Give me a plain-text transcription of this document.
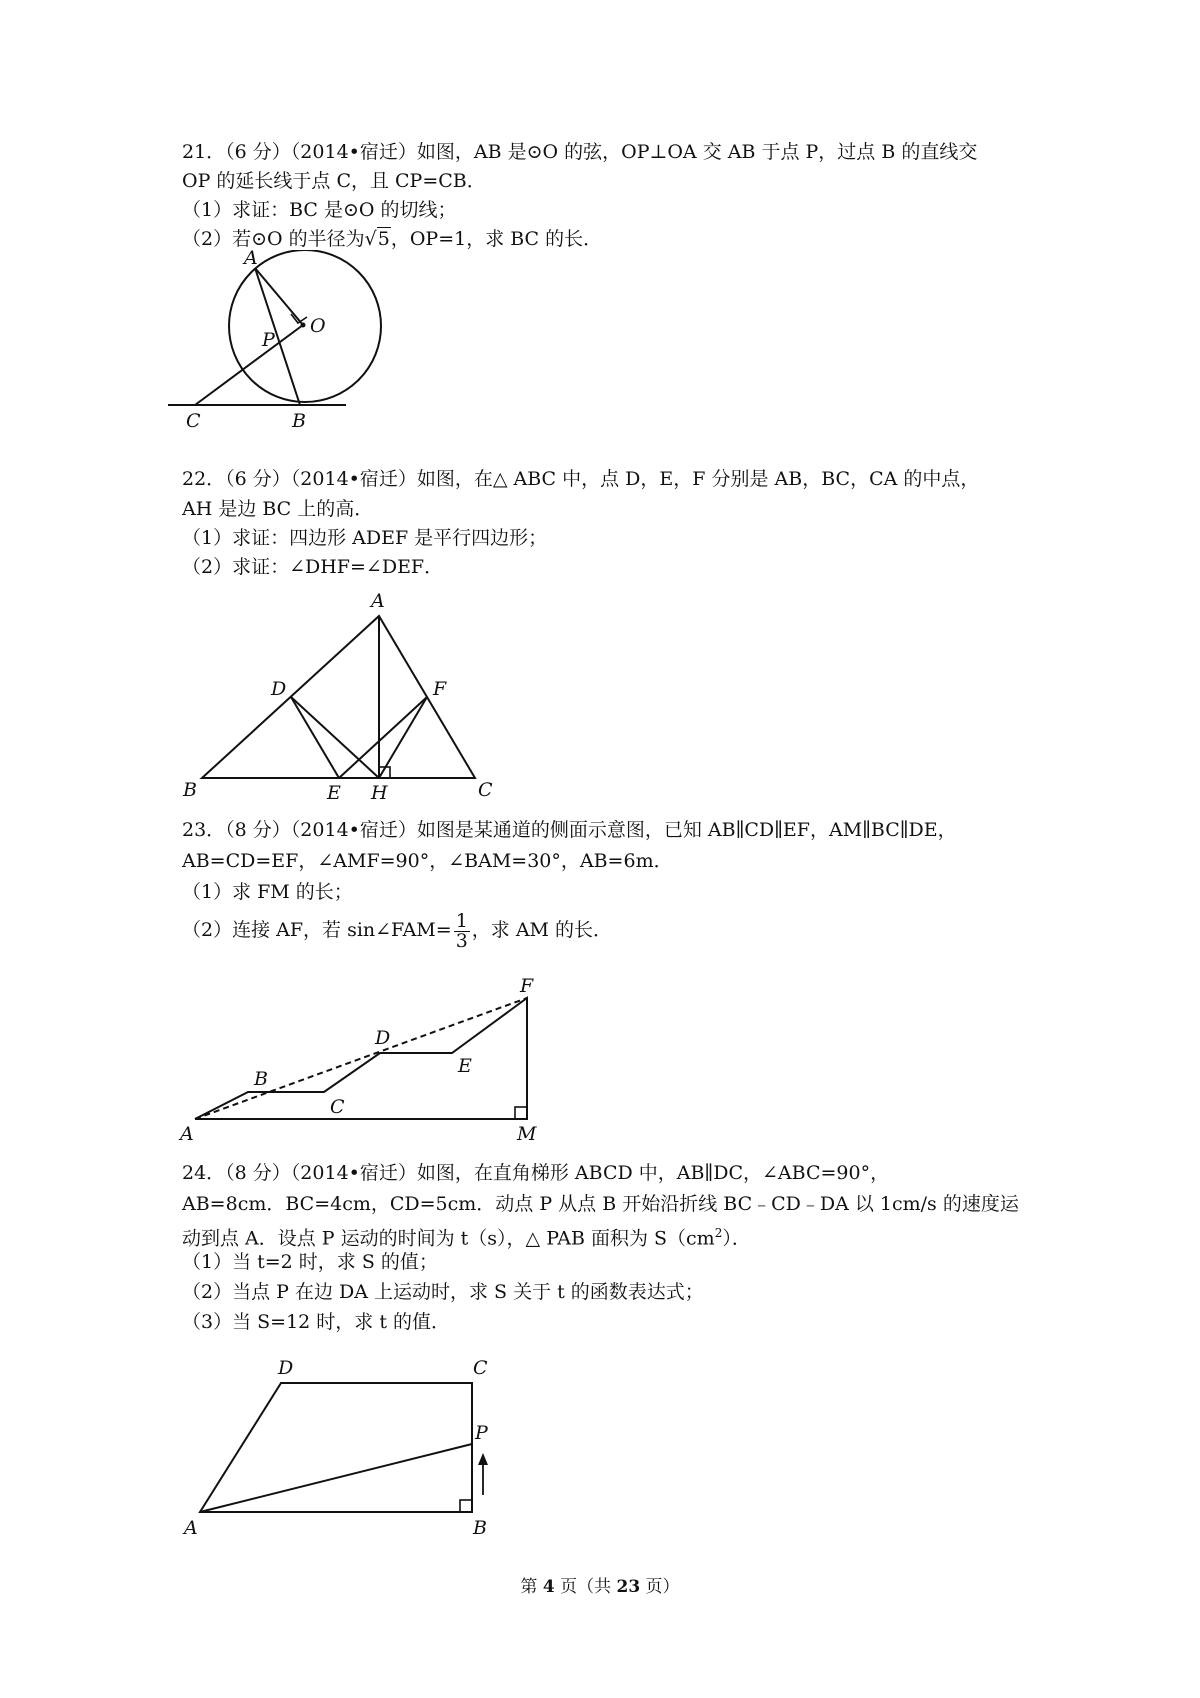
21．（6 分）（2014•宿迁）如图，AB 是⊙O 的弦，OP⊥OA 交 AB 于点 P，过点 B 的直线交
OP 的延长线于点 C，且 CP=CB．
（1）求证：BC 是⊙O 的切线；
（2）若⊙O 的半径为√5，OP=1，求 BC 的长．
A
O
P
C	B
22．（6 分）（2014•宿迁）如图，在△ ABC 中，点 D，E，F 分别是 AB，BC，CA 的中点，
AH 是边 BC 上的高．
（1）求证：四边形 ADEF 是平行四边形；
（2）求证：∠DHF=∠DEF．
A
D	F
B	E H	C
23．（8 分）（2014•宿迁）如图是某通道的侧面示意图，已知 AB∥CD∥EF，AM∥BC∥DE，
AB=CD=EF，∠AMF=90°，∠BAM=30°，AB=6m．
（1）求 FM 的长；
（2）连接 AF，若 sin∠FAM= $\frac{1}{3}$ ，求 AM 的长．
F
D
E
B
C
A	M
24．（8 分）（2014•宿迁）如图，在直角梯形 ABCD 中，AB∥DC，∠ABC=90°，
AB=8cm．BC=4cm，CD=5cm．动点 P 从点 B 开始沿折线 BC﹣CD﹣DA 以 1cm/s 的速度运
动到点 A．设点 P 运动的时间为 t（s），△ PAB 面积为 $S(cm^2)$．
（1）当 t=2 时，求 S 的值；
（2）当点 P 在边 DA 上运动时，求 S 关于 t 的函数表达式；
（3）当 S=12 时，求 t 的值．
D	C
P
A	B
第 4 页（共 23 页）
